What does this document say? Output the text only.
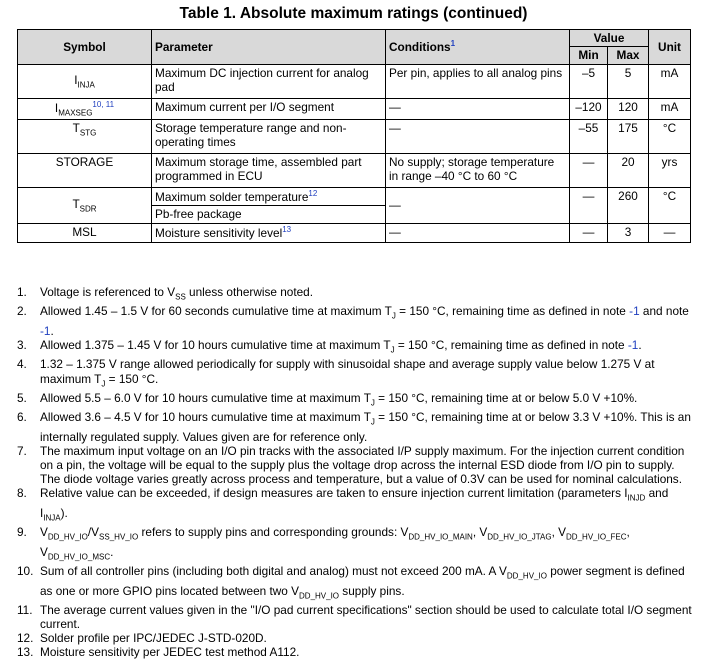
Table 1. Absolute maximum ratings (continued)
Symbol	Parameter	Conditions$^1$	Value		Unit
			Min	Max	
$I_{INJA}$	Maximum DC injection current for analog pad	Per pin, applies to all analog pins	–5	5	mA
$I_{MAXSEG}^{10, 11}$	Maximum current per I/O segment	—	–120	120	mA
$T_{STG}$	Storage temperature range and non-operating times	—	–55	175	°C
STORAGE	Maximum storage time, assembled part programmed in ECU	No supply; storage temperature in range –40 °C to 60 °C	—	20	yrs
$T_{SDR}$	Maximum solder temperature$^{12}$	—	—	260	°C
	Pb-free package				
MSL	Moisture sensitivity level$^{13}$	—	—	3	—
1. Voltage is referenced to $V_{SS}$ unless otherwise noted.
2. Allowed 1.45 – 1.5 V for 60 seconds cumulative time at maximum $T_J = 150$ °C, remaining time as defined in note -1 and note -1.
3. Allowed 1.375 – 1.45 V for 10 hours cumulative time at maximum $T_J = 150$ °C, remaining time as defined in note -1.
4. 1.32 – 1.375 V range allowed periodically for supply with sinusoidal shape and average supply value below 1.275 V at maximum $T_J = 150$ °C.
5. Allowed 5.5 – 6.0 V for 10 hours cumulative time at maximum $T_J = 150$ °C, remaining time at or below 5.0 V +10%.
6. Allowed 3.6 – 4.5 V for 10 hours cumulative time at maximum $T_J = 150$ °C, remaining time at or below 3.3 V +10%. This is an internally regulated supply. Values given are for reference only.
7. The maximum input voltage on an I/O pin tracks with the associated I/P supply maximum. For the injection current condition on a pin, the voltage will be equal to the supply plus the voltage drop across the internal ESD diode from I/O pin to supply. The diode voltage varies greatly across process and temperature, but a value of 0.3V can be used for nominal calculations.
8. Relative value can be exceeded, if design measures are taken to ensure injection current limitation (parameters $I_{INJD}$ and $I_{INJA}$).
9. $V_{DD\_HV\_IO}/V_{SS\_HV\_IO}$ refers to supply pins and corresponding grounds: $V_{DD\_HV\_IO\_MAIN}$, $V_{DD\_HV\_IO\_JTAG}$, $V_{DD\_HV\_IO\_FEC}$, $V_{DD\_HV\_IO\_MSC}$.
10. Sum of all controller pins (including both digital and analog) must not exceed 200 mA. A $V_{DD\_HV\_IO}$ power segment is defined as one or more GPIO pins located between two $V_{DD\_HV\_IO}$ supply pins.
11. The average current values given in the "I/O pad current specifications" section should be used to calculate total I/O segment current.
12. Solder profile per IPC/JEDEC J-STD-020D.
13. Moisture sensitivity per JEDEC test method A112.
